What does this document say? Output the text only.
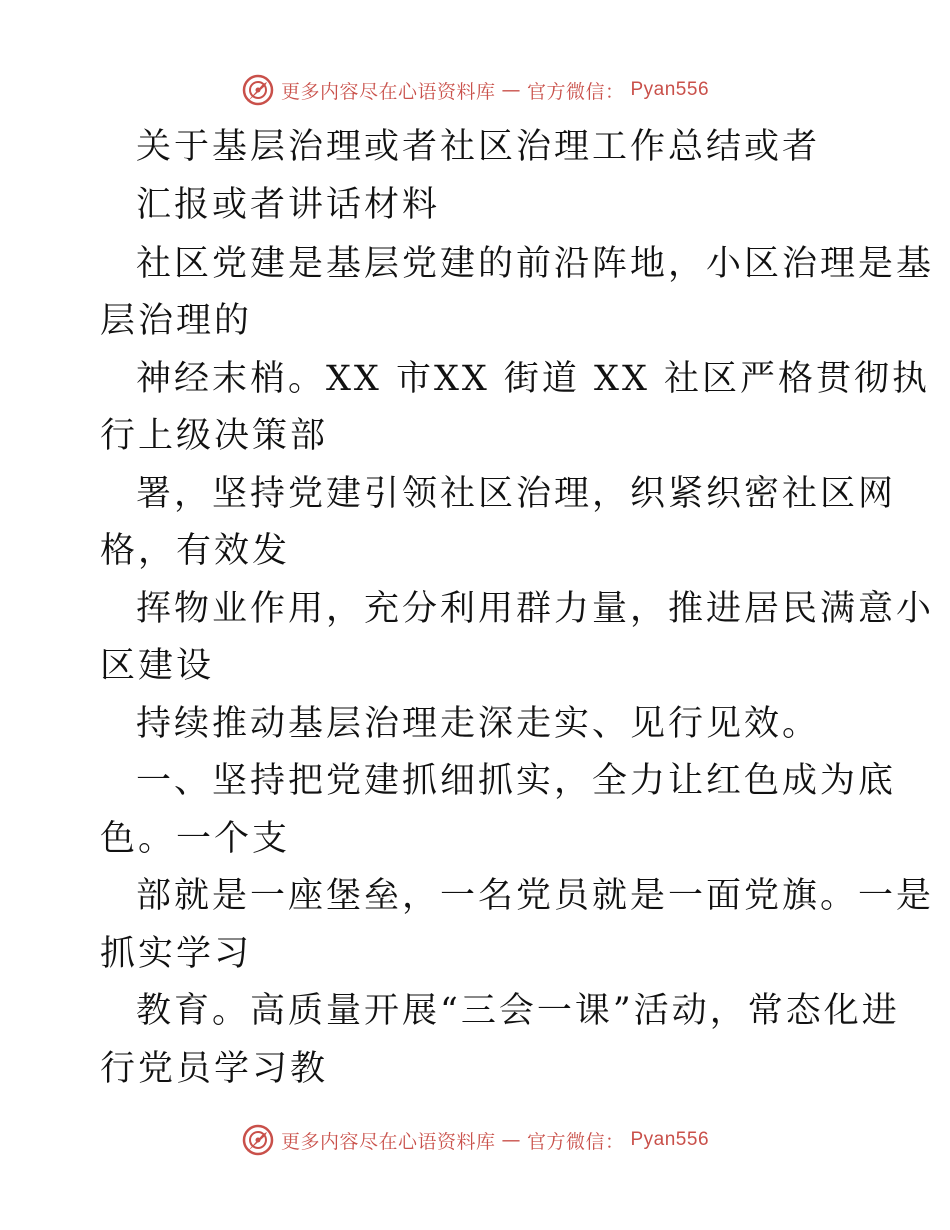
更多内容尽在心语资料库 — 官方微信： Pyan556

关于基层治理或者社区治理工作总结或者

汇报或者讲话材料

社区党建是基层党建的前沿阵地，小区治理是基

层治理的

神经末梢。XX 市XX 街道 XX 社区严格贯彻执

行上级决策部

署，坚持党建引领社区治理，织紧织密社区网

格，有效发

挥物业作用，充分利用群力量，推进居民满意小

区建设

持续推动基层治理走深走实、见行见效。

一、坚持把党建抓细抓实，全力让红色成为底

色。一个支

部就是一座堡垒，一名党员就是一面党旗。一是

抓实学习

教育。高质量开展“三会一课”活动，常态化进

行党员学习教

更多内容尽在心语资料库 — 官方微信： Pyan556
